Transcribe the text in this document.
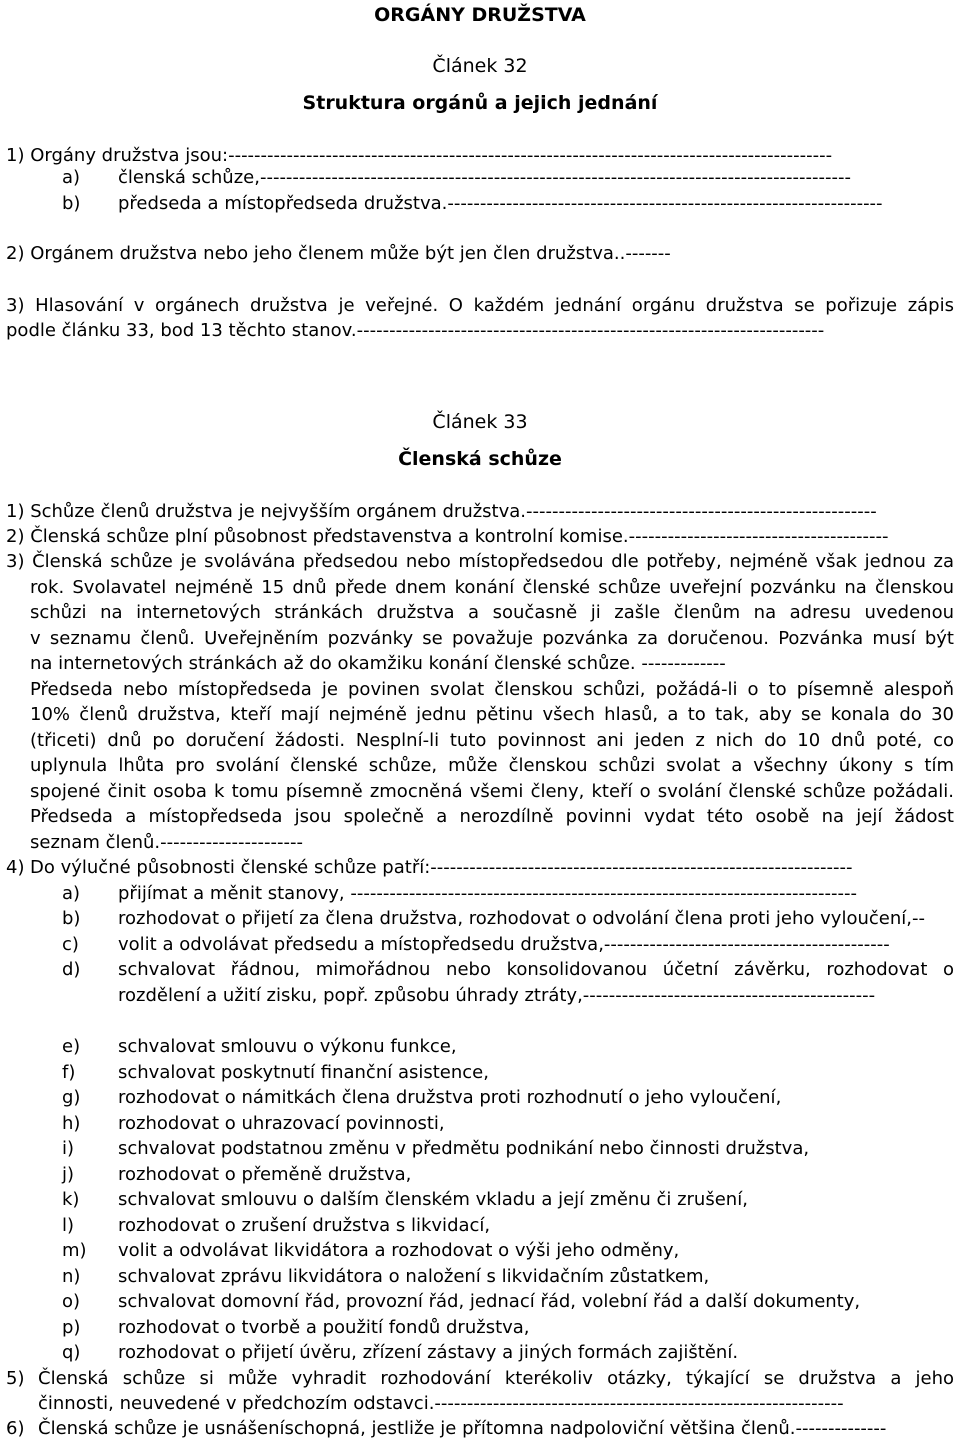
ORGÁNY DRUŽSTVA
Článek 32
Struktura orgánů a jejich jednání
1) Orgány družstva jsou:---------------------------------------------------------------------------------------------
a) členská schůze,-------------------------------------------------------------------------------------------
b) předseda a místopředseda družstva.-------------------------------------------------------------------
2) Orgánem družstva nebo jeho členem může být jen člen družstva..-------
3) Hlasování v orgánech družstva je veřejné. O každém jednání orgánu družstva se pořizuje zápis
podle článku 33, bod 13 těchto stanov.------------------------------------------------------------------------
Článek 33
Členská schůze
1) Schůze členů družstva je nejvyšším orgánem družstva.------------------------------------------------------
2) Členská schůze plní působnost představenstva a kontrolní komise.----------------------------------------
3) Členská schůze je svolávána předsedou nebo místopředsedou dle potřeby, nejméně však jednou za
rok. Svolavatel nejméně 15 dnů přede dnem konání členské schůze uveřejní pozvánku na členskou
schůzi na internetových stránkách družstva a současně ji zašle členům na adresu uvedenou
v seznamu členů. Uveřejněním pozvánky se považuje pozvánka za doručenou. Pozvánka musí být
na internetových stránkách až do okamžiku konání členské schůze. -------------
Předseda nebo místopředseda je povinen svolat členskou schůzi, požádá-li o to písemně alespoň
10% členů družstva, kteří mají nejméně jednu pětinu všech hlasů, a to tak, aby se konala do 30
(třiceti) dnů po doručení žádosti. Nesplní-li tuto povinnost ani jeden z nich do 10 dnů poté, co
uplynula lhůta pro svolání členské schůze, může členskou schůzi svolat a všechny úkony s tím
spojené činit osoba k tomu písemně zmocněná všemi členy, kteří o svolání členské schůze požádali.
Předseda a místopředseda jsou společně a nerozdílně povinni vydat této osobě na její žádost
seznam členů.----------------------
4) Do výlučné působnosti členské schůze patří:-----------------------------------------------------------------
a) přijímat a měnit stanovy, ------------------------------------------------------------------------------
b) rozhodovat o přijetí za člena družstva, rozhodovat o odvolání člena proti jeho vyloučení,--
c) volit a odvolávat předsedu a místopředsedu družstva,--------------------------------------------
d) schvalovat řádnou, mimořádnou nebo konsolidovanou účetní závěrku, rozhodovat o
rozdělení a užití zisku, popř. způsobu úhrady ztráty,---------------------------------------------
e) schvalovat smlouvu o výkonu funkce,
f) schvalovat poskytnutí finanční asistence,
g) rozhodovat o námitkách člena družstva proti rozhodnutí o jeho vyloučení,
h) rozhodovat o uhrazovací povinnosti,
i) schvalovat podstatnou změnu v předmětu podnikání nebo činnosti družstva,
j) rozhodovat o přeměně družstva,
k) schvalovat smlouvu o dalším členském vkladu a její změnu či zrušení,
l) rozhodovat o zrušení družstva s likvidací,
m) volit a odvolávat likvidátora a rozhodovat o výši jeho odměny,
n) schvalovat zprávu likvidátora o naložení s likvidačním zůstatkem,
o) schvalovat domovní řád, provozní řád, jednací řád, volební řád a další dokumenty,
p) rozhodovat o tvorbě a použití fondů družstva,
q) rozhodovat o přijetí úvěru, zřízení zástavy a jiných formách zajištění.
5) Členská schůze si může vyhradit rozhodování kterékoliv otázky, týkající se družstva a jeho
činnosti, neuvedené v předchozím odstavci.---------------------------------------------------------------
6) Členská schůze je usnášeníschopná, jestliže je přítomna nadpoloviční většina členů.--------------
